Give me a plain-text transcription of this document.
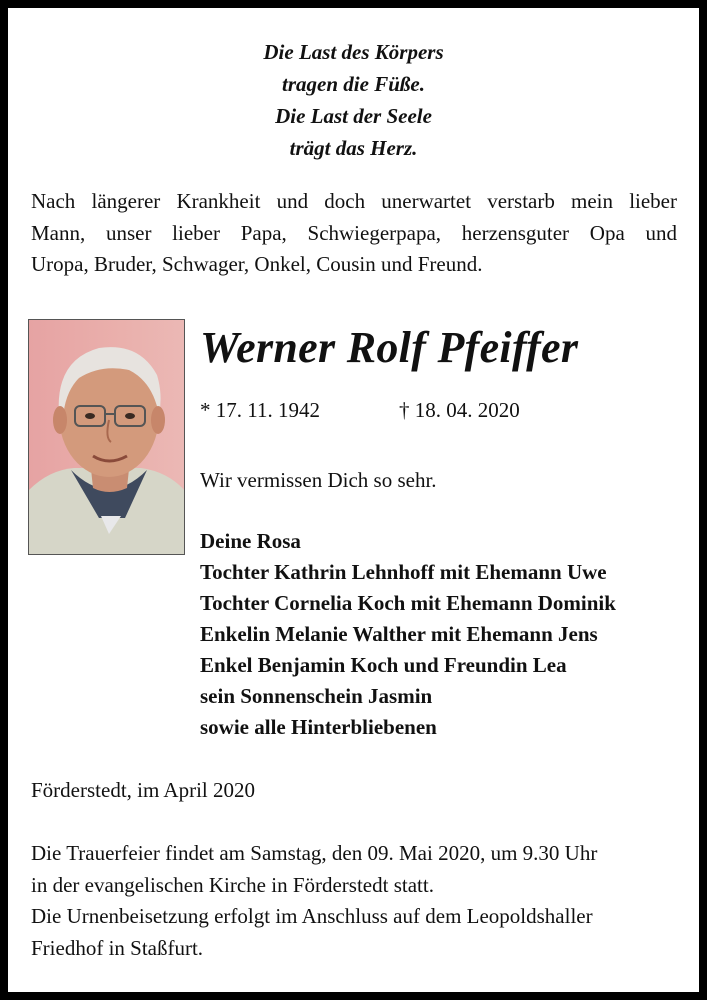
Die Last des Körpers
tragen die Füße.
Die Last der Seele
trägt das Herz.
Nach längerer Krankheit und doch unerwartet verstarb mein lieber
Mann, unser lieber Papa, Schwiegerpapa, herzensguter Opa und
Uropa, Bruder, Schwager, Onkel, Cousin und Freund.
Werner Rolf Pfeiffer
* 17. 11. 1942	† 18. 04. 2020
Wir vermissen Dich so sehr.
Deine Rosa
Tochter Kathrin Lehnhoff mit Ehemann Uwe
Tochter Cornelia Koch mit Ehemann Dominik
Enkelin Melanie Walther mit Ehemann Jens
Enkel Benjamin Koch und Freundin Lea
sein Sonnenschein Jasmin
sowie alle Hinterbliebenen
Förderstedt, im April 2020
Die Trauerfeier findet am Samstag, den 09. Mai 2020, um 9.30 Uhr
in der evangelischen Kirche in Förderstedt statt.
Die Urnenbeisetzung erfolgt im Anschluss auf dem Leopoldshaller
Friedhof in Staßfurt.
